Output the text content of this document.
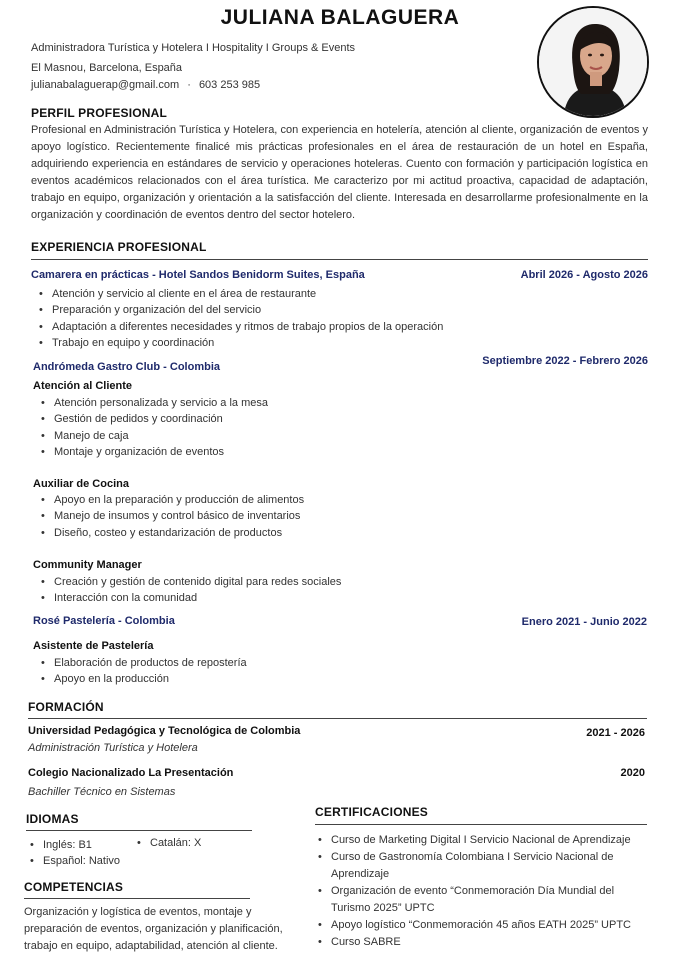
JULIANA BALAGUERA
Administradora Turística y Hotelera I Hospitality I Groups & Events
El Masnou, Barcelona, España
julianabalaguerap@gmail.com · 603 253 985
PERFIL PROFESIONAL
Profesional en Administración Turística y Hotelera, con experiencia en hotelería, atención al cliente, organización de eventos y apoyo logístico. Recientemente finalicé mis prácticas profesionales en el área de restauración de un hotel en España, adquiriendo experiencia en estándares de servicio y operaciones hoteleras. Cuento con formación y participación logística en eventos académicos relacionados con el área turística. Me caracterizo por mi actitud proactiva, capacidad de adaptación, trabajo en equipo, organización y orientación a la satisfacción del cliente. Interesada en desarrollarme profesionalmente en la organización y coordinación de eventos dentro del sector hotelero.
EXPERIENCIA PROFESIONAL
Camarera en prácticas - Hotel Sandos Benidorm Suites, España	Abril 2026 - Agosto 2026
• Atención y servicio al cliente en el área de restaurante
• Preparación y organización del del servicio
• Adaptación a diferentes necesidades y ritmos de trabajo propios de la operación
• Trabajo en equipo y coordinación
Andrómeda Gastro Club - Colombia	Septiembre 2022 - Febrero 2026
Atención al Cliente
• Atención personalizada y servicio a la mesa
• Gestión de pedidos y coordinación
• Manejo de caja
• Montaje y organización de eventos
Auxiliar de Cocina
• Apoyo en la preparación y producción de alimentos
• Manejo de insumos y control básico de inventarios
• Diseño, costeo y estandarización de productos
Community Manager
• Creación y gestión de contenido digital para redes sociales
• Interacción con la comunidad
Rosé Pastelería - Colombia	Enero 2021 - Junio 2022
Asistente de Pastelería
• Elaboración de productos de repostería
• Apoyo en la producción
FORMACIÓN
Universidad Pedagógica y Tecnológica de Colombia	2021 - 2026
Administración Turística y Hotelera
Colegio Nacionalizado La Presentación	2020
Bachiller Técnico en Sistemas
IDIOMAS
• Inglés: B1
• Español: Nativo
• Catalán: X
COMPETENCIAS
Organización y logística de eventos, montaje y preparación de eventos, organización y planificación, trabajo en equipo, adaptabilidad, atención al cliente.
CERTIFICACIONES
• Curso de Marketing Digital I Servicio Nacional de Aprendizaje
• Curso de Gastronomía Colombiana I Servicio Nacional de Aprendizaje
• Organización de evento “Conmemoración Día Mundial del Turismo 2025” UPTC
• Apoyo logístico “Conmemoración 45 años EATH 2025” UPTC
• Curso SABRE
